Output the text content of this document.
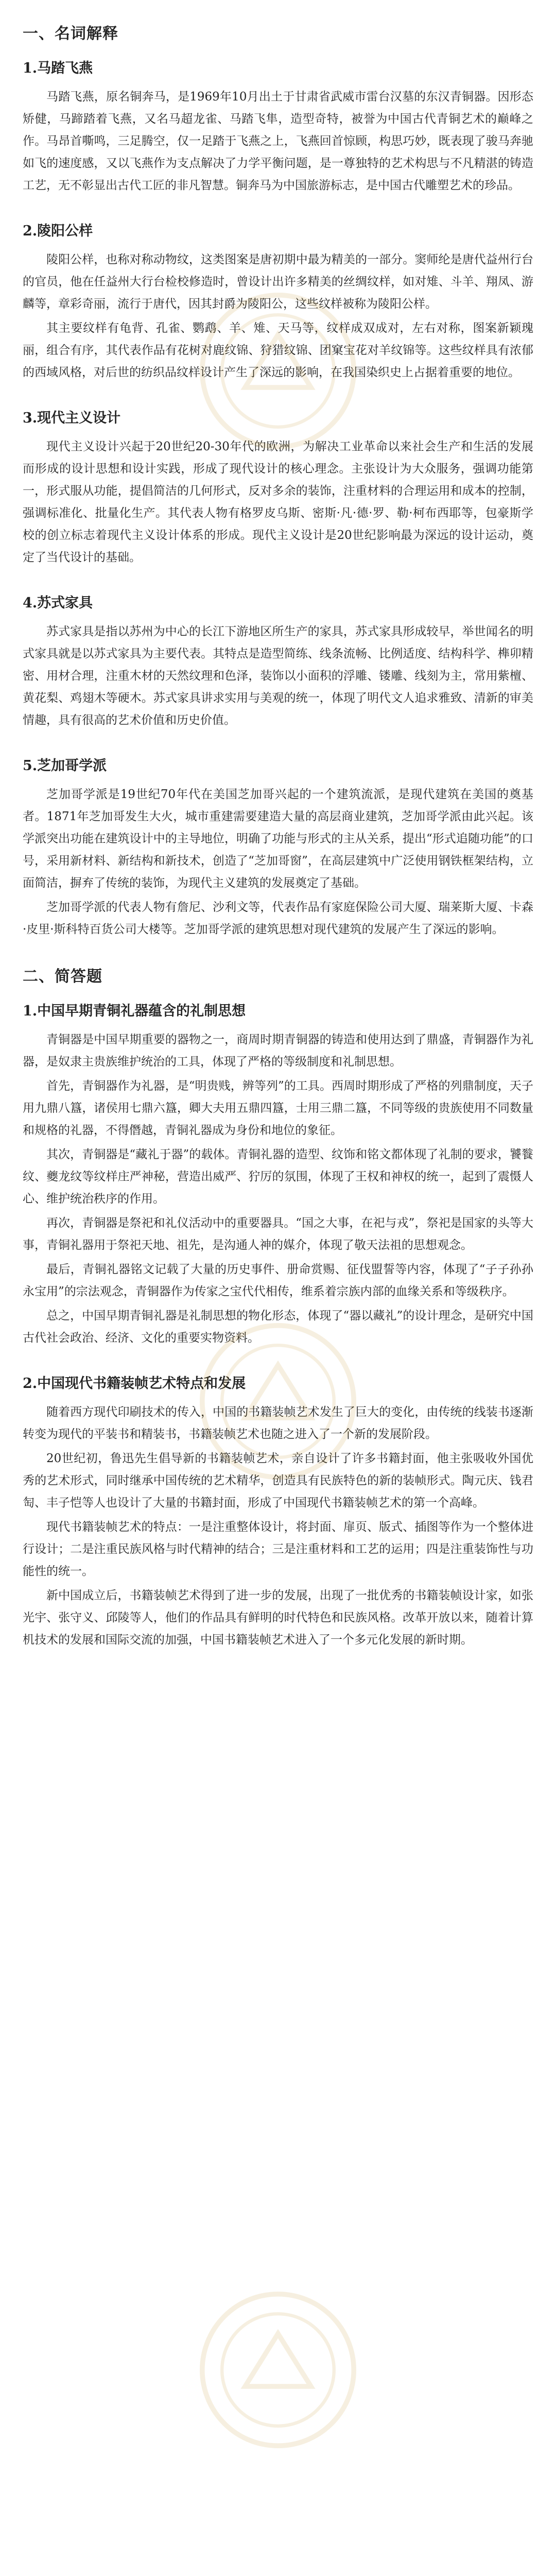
一、名词解释
1.马踏飞燕

马踏飞燕，原名铜奔马，是1969年10月出土于甘肃省武威市雷台汉墓的东汉青铜器。因形态矫健，马蹄踏着飞燕，又名马超龙雀、马踏飞隼，造型奇特，被誉为中国古代青铜艺术的巅峰之作。马昂首嘶鸣，三足腾空，仅一足踏于飞燕之上，飞燕回首惊顾，构思巧妙，既表现了骏马奔驰如飞的速度感，又以飞燕作为支点解决了力学平衡问题，是一尊独特的艺术构思与不凡精湛的铸造工艺，无不彰显出古代工匠的非凡智慧。铜奔马为中国旅游标志，是中国古代雕塑艺术的珍品。

2.陵阳公样

陵阳公样，也称对称动物纹，这类图案是唐初期中最为精美的一部分。窦师纶是唐代益州行台的官员，他在任益州大行台检校修造时，曾设计出许多精美的丝绸纹样，如对雉、斗羊、翔凤、游麟等，章彩奇丽，流行于唐代，因其封爵为陵阳公，这些纹样被称为陵阳公样。

其主要纹样有龟背、孔雀、鹦鹉、羊、雉、天马等，纹样成双成对，左右对称，图案新颖瑰丽，组合有序，其代表作品有花树对鹿纹锦、狩猎纹锦、团窠宝花对羊纹锦等。这些纹样具有浓郁的西域风格，对后世的纺织品纹样设计产生了深远的影响，在我国染织史上占据着重要的地位。

3.现代主义设计

现代主义设计兴起于20世纪20-30年代的欧洲，为解决工业革命以来社会生产和生活的发展而形成的设计思想和设计实践，形成了现代设计的核心理念。主张设计为大众服务，强调功能第一，形式服从功能，提倡简洁的几何形式，反对多余的装饰，注重材料的合理运用和成本的控制，强调标准化、批量化生产。其代表人物有格罗皮乌斯、密斯·凡·德·罗、勒·柯布西耶等，包豪斯学校的创立标志着现代主义设计体系的形成。现代主义设计是20世纪影响最为深远的设计运动，奠定了当代设计的基础。

4.苏式家具

苏式家具是指以苏州为中心的长江下游地区所生产的家具，苏式家具形成较早，举世闻名的明式家具就是以苏式家具为主要代表。其特点是造型简练、线条流畅、比例适度、结构科学、榫卯精密、用材合理，注重木材的天然纹理和色泽，装饰以小面积的浮雕、镂雕、线刻为主，常用紫檀、黄花梨、鸡翅木等硬木。苏式家具讲求实用与美观的统一，体现了明代文人追求雅致、清新的审美情趣，具有很高的艺术价值和历史价值。

5.芝加哥学派

芝加哥学派是19世纪70年代在美国芝加哥兴起的一个建筑流派，是现代建筑在美国的奠基者。1871年芝加哥发生大火，城市重建需要建造大量的高层商业建筑，芝加哥学派由此兴起。该学派突出功能在建筑设计中的主导地位，明确了功能与形式的主从关系，提出“形式追随功能”的口号，采用新材料、新结构和新技术，创造了“芝加哥窗”，在高层建筑中广泛使用钢铁框架结构，立面简洁，摒弃了传统的装饰，为现代主义建筑的发展奠定了基础。

芝加哥学派的代表人物有詹尼、沙利文等，代表作品有家庭保险公司大厦、瑞莱斯大厦、卡森·皮里·斯科特百货公司大楼等。芝加哥学派的建筑思想对现代建筑的发展产生了深远的影响。

二、简答题
1.中国早期青铜礼器蕴含的礼制思想

青铜器是中国早期重要的器物之一，商周时期青铜器的铸造和使用达到了鼎盛，青铜器作为礼器，是奴隶主贵族维护统治的工具，体现了严格的等级制度和礼制思想。

首先，青铜器作为礼器，是“明贵贱，辨等列”的工具。西周时期形成了严格的列鼎制度，天子用九鼎八簋，诸侯用七鼎六簋，卿大夫用五鼎四簋，士用三鼎二簋，不同等级的贵族使用不同数量和规格的礼器，不得僭越，青铜礼器成为身份和地位的象征。

其次，青铜器是“藏礼于器”的载体。青铜礼器的造型、纹饰和铭文都体现了礼制的要求，饕餮纹、夔龙纹等纹样庄严神秘，营造出威严、狞厉的氛围，体现了王权和神权的统一，起到了震慑人心、维护统治秩序的作用。

再次，青铜器是祭祀和礼仪活动中的重要器具。“国之大事，在祀与戎”，祭祀是国家的头等大事，青铜礼器用于祭祀天地、祖先，是沟通人神的媒介，体现了敬天法祖的思想观念。

最后，青铜礼器铭文记载了大量的历史事件、册命赏赐、征伐盟誓等内容，体现了“子子孙孙永宝用”的宗法观念，青铜器作为传家之宝代代相传，维系着宗族内部的血缘关系和等级秩序。

总之，中国早期青铜礼器是礼制思想的物化形态，体现了“器以藏礼”的设计理念，是研究中国古代社会政治、经济、文化的重要实物资料。

2.中国现代书籍装帧艺术特点和发展

随着西方现代印刷技术的传入，中国的书籍装帧艺术发生了巨大的变化，由传统的线装书逐渐转变为现代的平装书和精装书，书籍装帧艺术也随之进入了一个新的发展阶段。

20世纪初，鲁迅先生倡导新的书籍装帧艺术，亲自设计了许多书籍封面，他主张吸收外国优秀的艺术形式，同时继承中国传统的艺术精华，创造具有民族特色的新的装帧形式。陶元庆、钱君匋、丰子恺等人也设计了大量的书籍封面，形成了中国现代书籍装帧艺术的第一个高峰。

现代书籍装帧艺术的特点：一是注重整体设计，将封面、扉页、版式、插图等作为一个整体进行设计；二是注重民族风格与时代精神的结合；三是注重材料和工艺的运用；四是注重装饰性与功能性的统一。

新中国成立后，书籍装帧艺术得到了进一步的发展，出现了一批优秀的书籍装帧设计家，如张光宇、张守义、邱陵等人，他们的作品具有鲜明的时代特色和民族风格。改革开放以来，随着计算机技术的发展和国际交流的加强，中国书籍装帧艺术进入了一个多元化发展的新时期。
